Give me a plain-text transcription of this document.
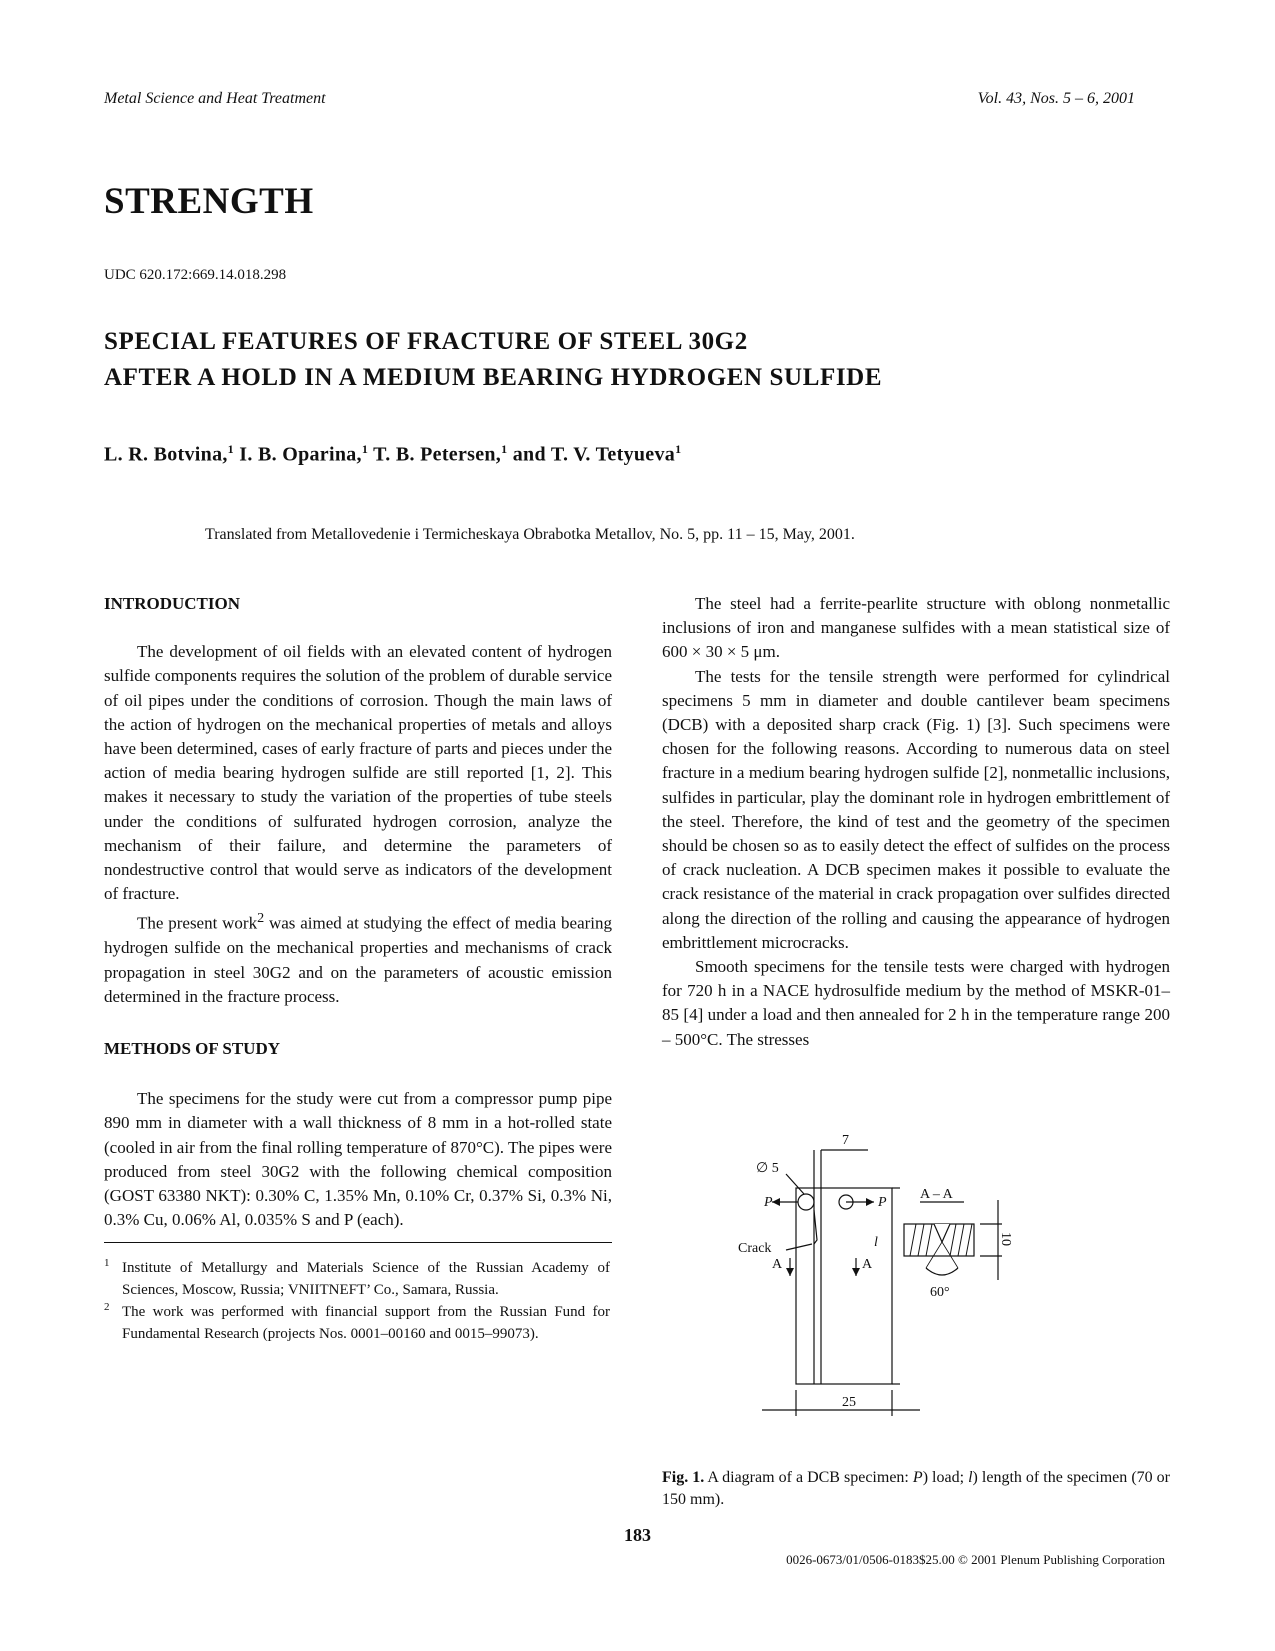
Metal Science and Heat Treatment	Vol. 43, Nos. 5 – 6, 2001
STRENGTH
UDC 620.172:669.14.018.298
SPECIAL FEATURES OF FRACTURE OF STEEL 30G2
AFTER A HOLD IN A MEDIUM BEARING HYDROGEN SULFIDE
L. R. Botvina,$^1$ I. B. Oparina,$^1$ T. B. Petersen,$^1$ and T. V. Tetyueva$^1$
Translated from Metallovedenie i Termicheskaya Obrabotka Metallov, No. 5, pp. 11 – 15, May, 2001.
INTRODUCTION

The development of oil fields with an elevated content of hydrogen sulfide components requires the solution of the problem of durable service of oil pipes under the conditions of corrosion. Though the main laws of the action of hydrogen on the mechanical properties of metals and alloys have been determined, cases of early fracture of parts and pieces under the action of media bearing hydrogen sulfide are still reported [1, 2]. This makes it necessary to study the variation of the properties of tube steels under the conditions of sulfurated hydrogen corrosion, analyze the mechanism of their failure, and determine the parameters of nondestructive control that would serve as indicators of the development of fracture.

The present work$^2$ was aimed at studying the effect of media bearing hydrogen sulfide on the mechanical properties and mechanisms of crack propagation in steel 30G2 and on the parameters of acoustic emission determined in the fracture process.

METHODS OF STUDY

The specimens for the study were cut from a compressor pump pipe 890 mm in diameter with a wall thickness of 8 mm in a hot-rolled state (cooled in air from the final rolling temperature of 870°C). The pipes were produced from steel 30G2 with the following chemical composition (GOST 63380 NKT): 0.30% C, 1.35% Mn, 0.10% Cr, 0.37% Si, 0.3% Ni, 0.3% Cu, 0.06% Al, 0.035% S and P (each).

1 Institute of Metallurgy and Materials Science of the Russian Academy of Sciences, Moscow, Russia; VNIITNEFT’ Co., Samara, Russia.
2 The work was performed with financial support from the Russian Fund for Fundamental Research (projects Nos. 0001–00160 and 0015–99073).

The steel had a ferrite-pearlite structure with oblong nonmetallic inclusions of iron and manganese sulfides with a mean statistical size of 600 × 30 × 5 μm.

The tests for the tensile strength were performed for cylindrical specimens 5 mm in diameter and double cantilever beam specimens (DCB) with a deposited sharp crack (Fig. 1) [3]. Such specimens were chosen for the following reasons. According to numerous data on steel fracture in a medium bearing hydrogen sulfide [2], nonmetallic inclusions, sulfides in particular, play the dominant role in hydrogen embrittlement of the steel. Therefore, the kind of test and the geometry of the specimen should be chosen so as to easily detect the effect of sulfides on the process of crack nucleation. A DCB specimen makes it possible to evaluate the crack resistance of the material in crack propagation over sulfides directed along the direction of the rolling and causing the appearance of hydrogen embrittlement microcracks.

Smooth specimens for the tensile tests were charged with hydrogen for 720 h in a NACE hydrosulfide medium by the method of MSKR-01–85 [4] under a load and then annealed for 2 h in the temperature range 200 – 500°C. The stresses

7
∅ 5
P	P
Crack
A	A
l
25
A – A
10
60°
Fig. 1. A diagram of a DCB specimen: P) load; l) length of the specimen (70 or 150 mm).
183
0026-0673/01/0506-0183$25.00 © 2001 Plenum Publishing Corporation
